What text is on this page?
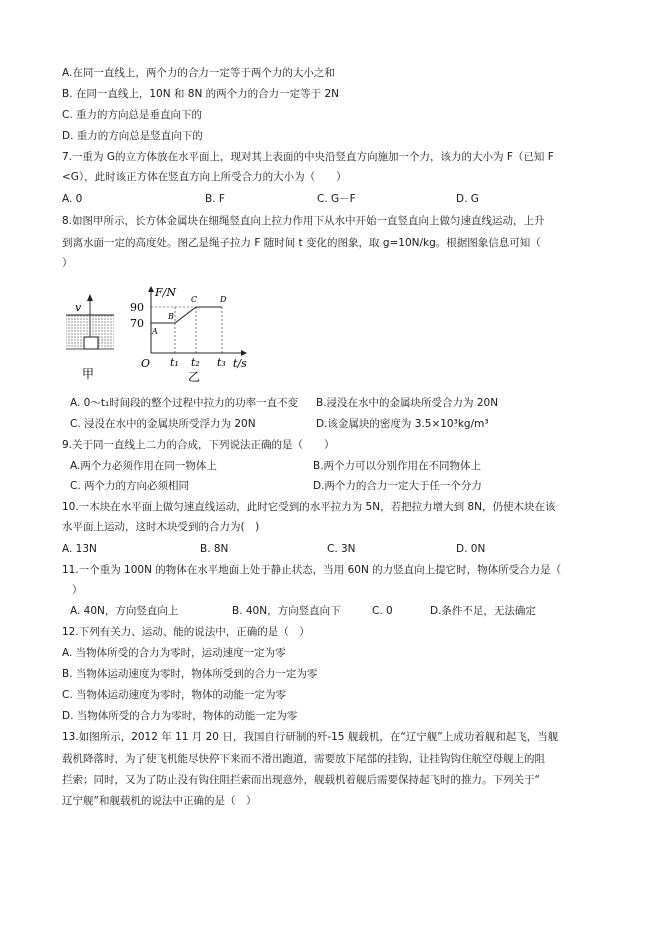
A.在同一直线上，两个力的合力一定等于两个力的大小之和
B. 在同一直线上，10N 和 8N 的两个力的合力一定等于 2N
C. 重力的方向总是垂直向下的
D. 重力的方向总是竖直向下的
7.一重为 G的立方体放在水平面上，现对其上表面的中央沿竖直方向施加一个力，该力的大小为 F（已知 F
<G），此时该正方体在竖直方向上所受合力的大小为（　　）
A. 0	B. F	C. G－F	D. G
8.如图甲所示，长方体金属块在细绳竖直向上拉力作用下从水中开始一直竖直向上做匀速直线运动，上升
到离水面一定的高度处。图乙是绳子拉力 F 随时间 t 变化的图象，取 g=10N/kg。根据图象信息可知（
）
v
甲
F/N
t/s
O
90
70
A
B
C	D
t₁ t₂ t₃
乙
A. 0～t₁时间段的整个过程中拉力的功率一直不变 B.浸没在水中的金属块所受合力为 20N
C. 浸没在水中的金属块所受浮力为 20N	D.该金属块的密度为 3.5×10³kg/m³
9.关于同一直线上二力的合成，下列说法正确的是（　　）
A.两个力必须作用在同一物体上	B.两个力可以分别作用在不同物体上
C. 两个力的方向必须相同	D.两个力的合力一定大于任一个分力
10.一木块在水平面上做匀速直线运动，此时它受到的水平拉力为 5N，若把拉力增大到 8N，仍使木块在该
水平面上运动，这时木块受到的合力为(　)
A. 13N	B. 8N	C. 3N	D. 0N
11.一个重为 100N 的物体在水平地面上处于静止状态，当用 60N 的力竖直向上提它时，物体所受合力是（
）
A. 40N，方向竖直向上	B. 40N，方向竖直向下	C. 0	D.条件不足，无法确定
12.下列有关力、运动、能的说法中，正确的是（　）
A. 当物体所受的合力为零时，运动速度一定为零
B. 当物体运动速度为零时，物体所受到的合力一定为零
C. 当物体运动速度为零时，物体的动能一定为零
D. 当物体所受的合力为零时，物体的动能一定为零
13.如图所示，2012 年 11 月 20 日，我国自行研制的歼-15 舰载机，在“辽宁舰”上成功着舰和起飞，当舰
载机降落时，为了使飞机能尽快停下来而不滑出跑道，需要放下尾部的挂钩，让挂钩钩住航空母舰上的阻
拦索；同时，又为了防止没有钩住阻拦索而出现意外，舰载机着舰后需要保持起飞时的推力。下列关于“
辽宁舰”和舰载机的说法中正确的是（　）
